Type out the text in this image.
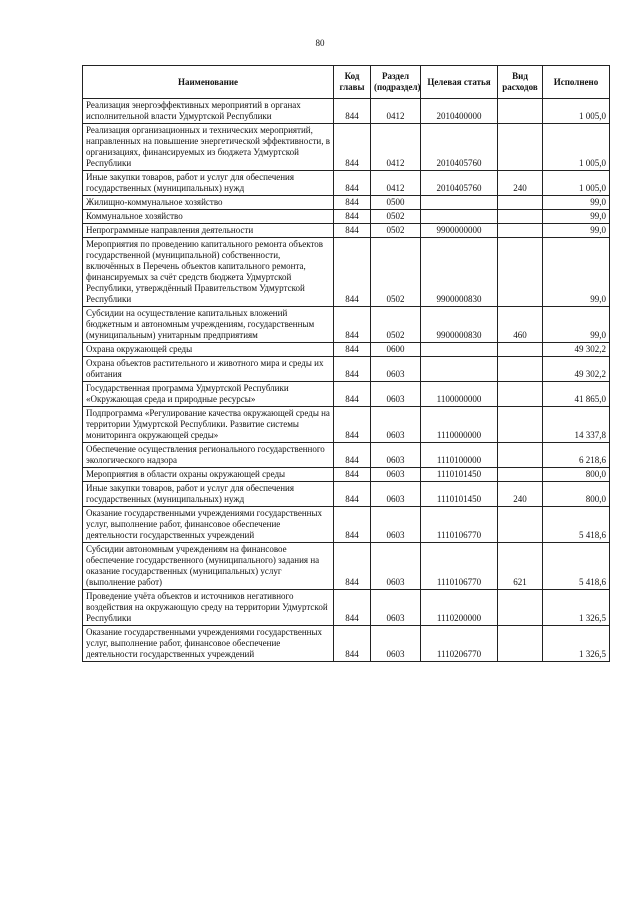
80
Наименование	Код главы	Раздел (подраздел)	Целевая статья	Вид расходов	Исполнено
Реализация энергоэффективных мероприятий в органах исполнительной власти Удмуртской Республики	844	0412	2010400000		1 005,0
Реализация организационных и технических мероприятий, направленных на повышение энергетической эффективности, в организациях, финансируемых из бюджета Удмуртской Республики	844	0412	2010405760		1 005,0
Иные закупки товаров, работ и услуг для обеспечения государственных (муниципальных) нужд	844	0412	2010405760	240	1 005,0
Жилищно-коммунальное хозяйство	844	0500			99,0
Коммунальное хозяйство	844	0502			99,0
Непрограммные направления деятельности	844	0502	9900000000		99,0
Мероприятия по проведению капитального ремонта объектов государственной (муниципальной) собственности, включённых в Перечень объектов капитального ремонта, финансируемых за счёт средств бюджета Удмуртской Республики, утверждённый Правительством Удмуртской Республики	844	0502	9900000830		99,0
Субсидии на осуществление капитальных вложений бюджетным и автономным учреждениям, государственным (муниципальным) унитарным предприятиям	844	0502	9900000830	460	99,0
Охрана окружающей среды	844	0600			49 302,2
Охрана объектов растительного и животного мира и среды их обитания	844	0603			49 302,2
Государственная программа Удмуртской Республики «Окружающая среда и природные ресурсы»	844	0603	1100000000		41 865,0
Подпрограмма «Регулирование качества окружающей среды на территории Удмуртской Республики. Развитие системы мониторинга окружающей среды»	844	0603	1110000000		14 337,8
Обеспечение осуществления регионального государственного экологического надзора	844	0603	1110100000		6 218,6
Мероприятия в области охраны окружающей среды	844	0603	1110101450		800,0
Иные закупки товаров, работ и услуг для обеспечения государственных (муниципальных) нужд	844	0603	1110101450	240	800,0
Оказание государственными учреждениями государственных услуг, выполнение работ, финансовое обеспечение деятельности государственных учреждений	844	0603	1110106770		5 418,6
Субсидии автономным учреждениям на финансовое обеспечение государственного (муниципального) задания на оказание государственных (муниципальных) услуг (выполнение работ)	844	0603	1110106770	621	5 418,6
Проведение учёта объектов и источников негативного воздействия на окружающую среду на территории Удмуртской Республики	844	0603	1110200000		1 326,5
Оказание государственными учреждениями государственных услуг, выполнение работ, финансовое обеспечение деятельности государственных учреждений	844	0603	1110206770		1 326,5
